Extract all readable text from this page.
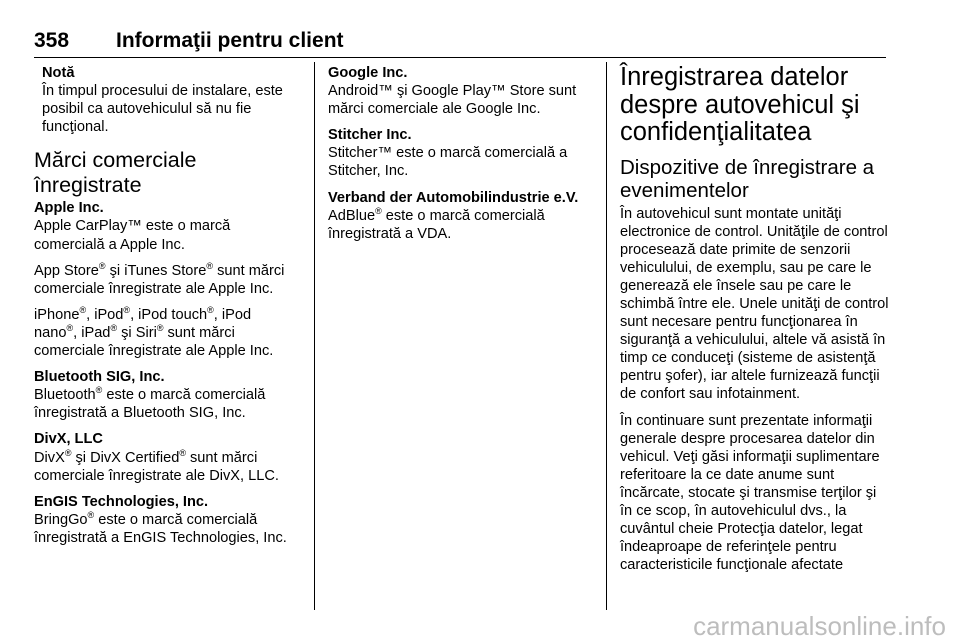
358 Informaţii pentru client
Notă
În timpul procesului de instalare, este posibil ca autovehiculul să nu fie funcţional.
Mărci comerciale înregistrate
Apple Inc.

Apple CarPlay™ este o marcă comercială a Apple Inc.

App Store® şi iTunes Store® sunt mărci comerciale înregistrate ale Apple Inc.

iPhone®, iPod®, iPod touch®, iPod nano®, iPad® şi Siri® sunt mărci comerciale înregistrate ale Apple Inc.

Bluetooth SIG, Inc.

Bluetooth® este o marcă comercială înregistrată a Bluetooth SIG, Inc.

DivX, LLC

DivX® şi DivX Certified® sunt mărci comerciale înregistrate ale DivX, LLC.

EnGIS Technologies, Inc.

BringGo® este o marcă comercială înregistrată a EnGIS Technologies, Inc.

Google Inc.

Android™ şi Google Play™ Store sunt mărci comerciale ale Google Inc.

Stitcher Inc.

Stitcher™ este o marcă comercială a Stitcher, Inc.

Verband der Automobilindustrie e.V.

AdBlue® este o marcă comercială înregistrată a VDA.

Înregistrarea datelor despre autovehicul şi confidenţialitatea
Dispozitive de înregistrare a evenimentelor

În autovehicul sunt montate unităţi electronice de control. Unităţile de control procesează date primite de senzorii vehiculului, de exemplu, sau pe care le generează ele însele sau pe care le schimbă între ele. Unele unităţi de control sunt necesare pentru funcţionarea în siguranţă a vehiculului, altele vă asistă în timp ce conduceţi (sisteme de asistenţă pentru şofer), iar altele furnizează funcţii de confort sau infotainment.

În continuare sunt prezentate informaţii generale despre procesarea datelor din vehicul. Veţi găsi informaţii suplimentare referitoare la ce date anume sunt încărcate, stocate şi transmise terţilor şi în ce scop, în autovehiculul dvs., la cuvântul cheie Protecţia datelor, legat îndeaproape de referinţele pentru caracteristicile funcţionale afectate

carmanualsonline.info
